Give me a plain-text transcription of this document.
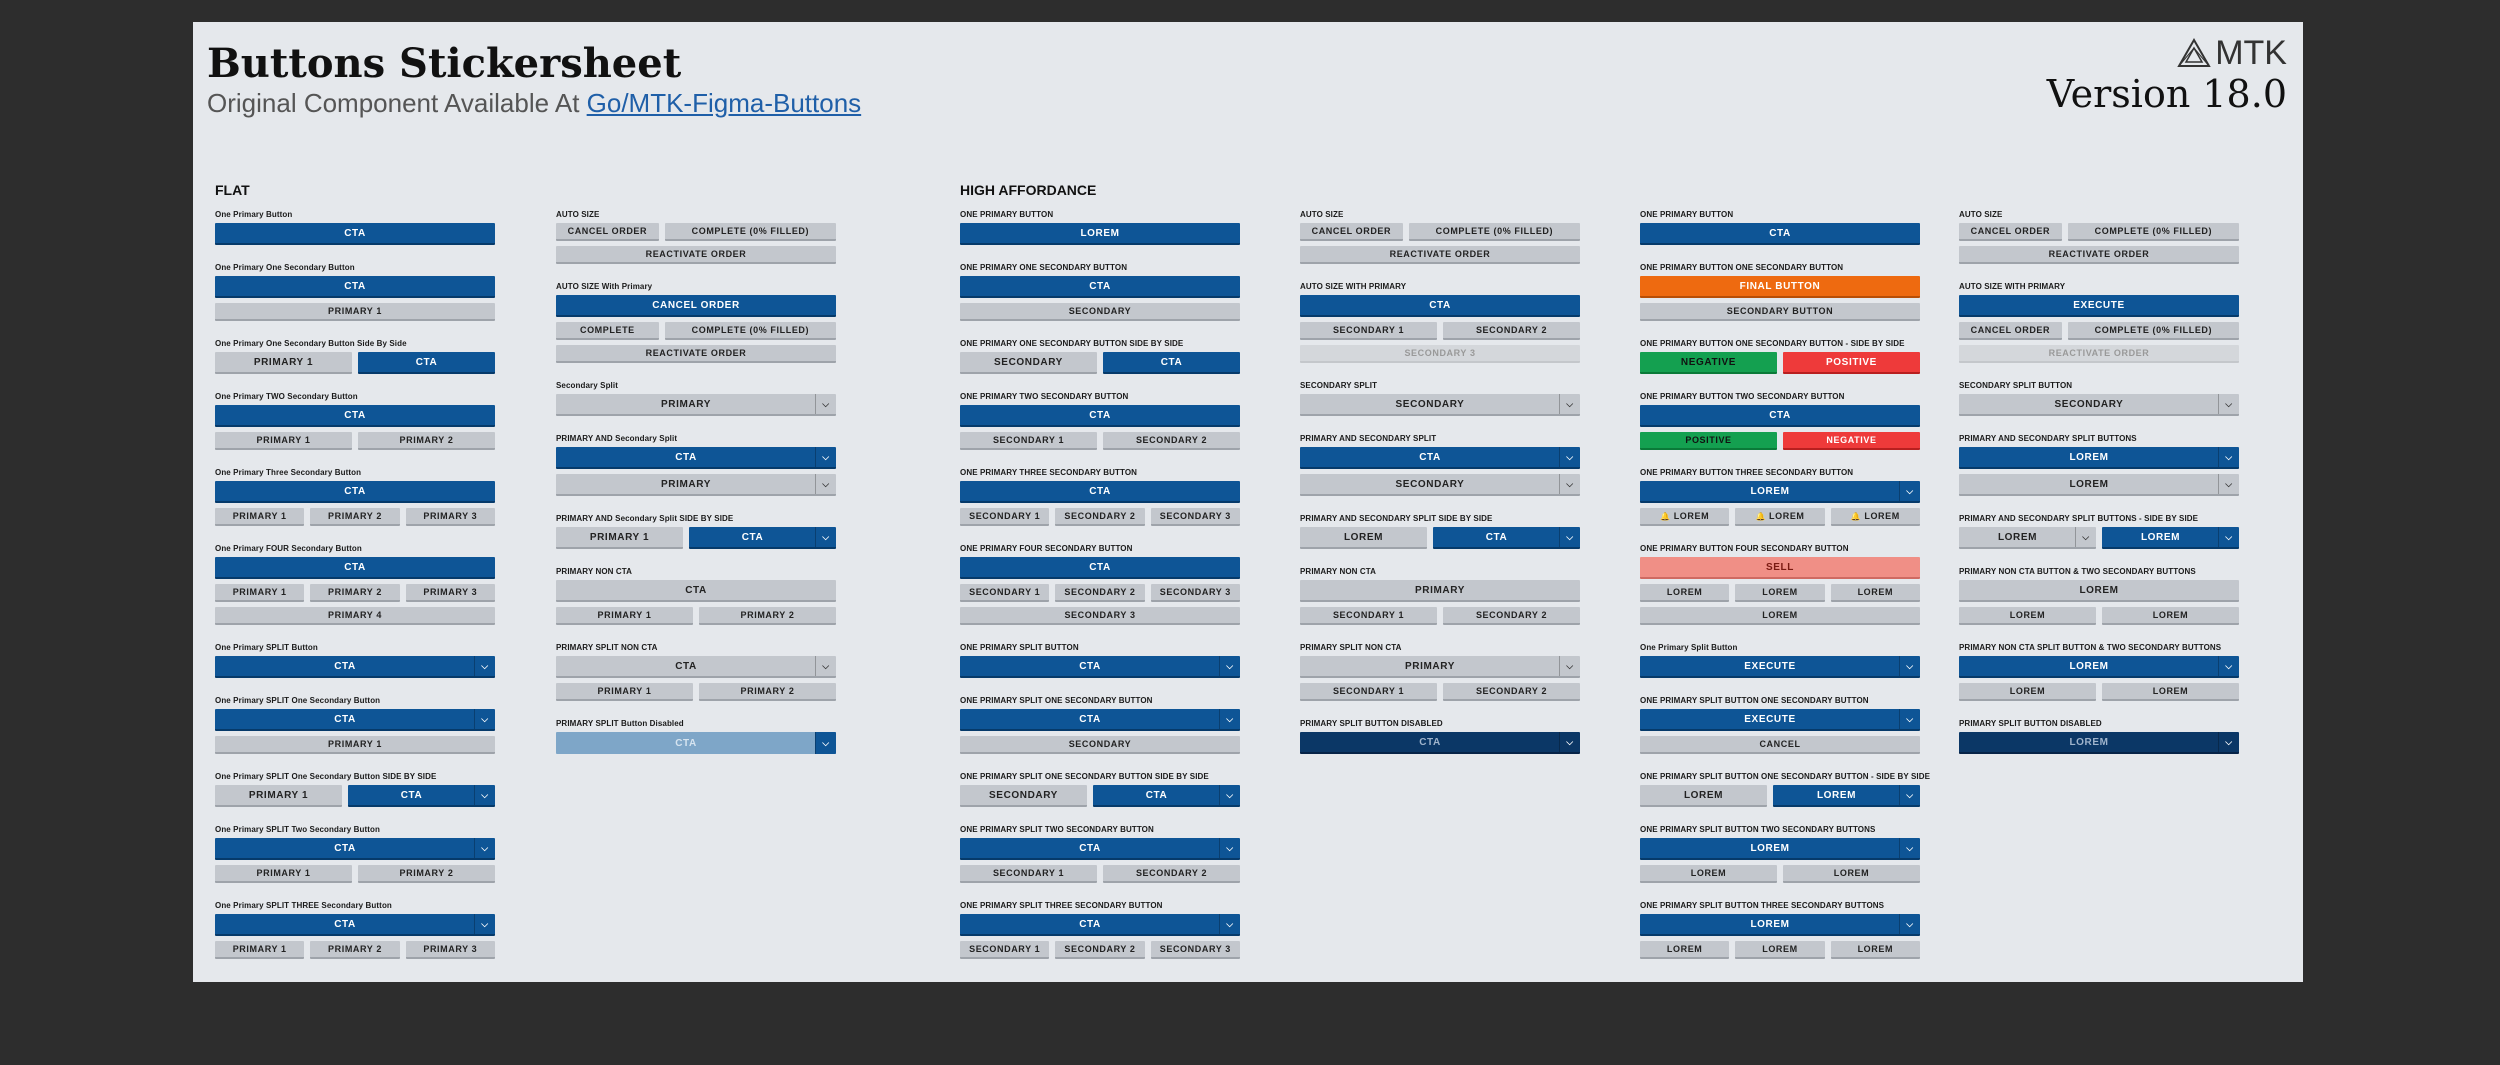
Buttons Stickersheet
Original Component Available At Go/MTK-Figma-Buttons
MTK
Version 18.0
FLAT	HIGH AFFORDANCE
One Primary Button
CTA
One Primary One Secondary Button
CTA
PRIMARY 1
One Primary One Secondary Button Side By Side
PRIMARY 1	CTA
One Primary TWO Secondary Button
CTA
PRIMARY 1	PRIMARY 2
One Primary Three Secondary Button
CTA
PRIMARY 1	PRIMARY 2	PRIMARY 3
One Primary FOUR Secondary Button
CTA
PRIMARY 1	PRIMARY 2	PRIMARY 3
PRIMARY 4
One Primary SPLIT Button
CTA	⌵
One Primary SPLIT One Secondary Button
CTA	⌵
PRIMARY 1
One Primary SPLIT One Secondary Button SIDE BY SIDE
PRIMARY 1	CTA	⌵
One Primary SPLIT Two Secondary Button
CTA	⌵
PRIMARY 1	PRIMARY 2
One Primary SPLIT THREE Secondary Button
CTA	⌵
PRIMARY 1	PRIMARY 2	PRIMARY 3
AUTO SIZE
CANCEL ORDER	COMPLETE (0% FILLED)
REACTIVATE ORDER
AUTO SIZE With Primary
CANCEL ORDER
COMPLETE	COMPLETE (0% FILLED)
REACTIVATE ORDER
Secondary Split
PRIMARY	⌵
PRIMARY AND Secondary Split
CTA	⌵
PRIMARY	⌵
PRIMARY AND Secondary Split SIDE BY SIDE
PRIMARY 1	CTA	⌵
PRIMARY NON CTA
CTA
PRIMARY 1	PRIMARY 2
PRIMARY SPLIT NON CTA
CTA	⌵
PRIMARY 1	PRIMARY 2
PRIMARY SPLIT Button Disabled
CTA	⌵
ONE PRIMARY BUTTON
LOREM
ONE PRIMARY ONE SECONDARY BUTTON
CTA
SECONDARY
ONE PRIMARY ONE SECONDARY BUTTON SIDE BY SIDE
SECONDARY	CTA
ONE PRIMARY TWO SECONDARY BUTTON
CTA
SECONDARY 1	SECONDARY 2
ONE PRIMARY THREE SECONDARY BUTTON
CTA
SECONDARY 1	SECONDARY 2	SECONDARY 3
ONE PRIMARY FOUR SECONDARY BUTTON
CTA
SECONDARY 1	SECONDARY 2	SECONDARY 3
SECONDARY 3
ONE PRIMARY SPLIT BUTTON
CTA	⌵
ONE PRIMARY SPLIT ONE SECONDARY BUTTON
CTA	⌵
SECONDARY
ONE PRIMARY SPLIT ONE SECONDARY BUTTON SIDE BY SIDE
SECONDARY	CTA	⌵
ONE PRIMARY SPLIT TWO SECONDARY BUTTON
CTA	⌵
SECONDARY 1	SECONDARY 2
ONE PRIMARY SPLIT THREE SECONDARY BUTTON
CTA	⌵
SECONDARY 1	SECONDARY 2	SECONDARY 3
AUTO SIZE
CANCEL ORDER	COMPLETE (0% FILLED)
REACTIVATE ORDER
AUTO SIZE WITH PRIMARY
CTA
SECONDARY 1	SECONDARY 2
SECONDARY 3
SECONDARY SPLIT
SECONDARY	⌵
PRIMARY AND SECONDARY SPLIT
CTA	⌵
SECONDARY	⌵
PRIMARY AND SECONDARY SPLIT SIDE BY SIDE
LOREM	CTA	⌵
PRIMARY NON CTA
PRIMARY
SECONDARY 1	SECONDARY 2
PRIMARY SPLIT NON CTA
PRIMARY	⌵
SECONDARY 1	SECONDARY 2
PRIMARY SPLIT BUTTON DISABLED
CTA	⌵
ONE PRIMARY BUTTON
CTA
ONE PRIMARY BUTTON ONE SECONDARY BUTTON
FINAL BUTTON
SECONDARY BUTTON
ONE PRIMARY BUTTON ONE SECONDARY BUTTON - SIDE BY SIDE
NEGATIVE	POSITIVE
ONE PRIMARY BUTTON TWO SECONDARY BUTTON
CTA
POSITIVE	NEGATIVE
ONE PRIMARY BUTTON THREE SECONDARY BUTTON
LOREM	⌵
🔔 LOREM	🔔 LOREM	🔔 LOREM
ONE PRIMARY BUTTON FOUR SECONDARY BUTTON
SELL
LOREM	LOREM	LOREM
LOREM
One Primary Split Button
EXECUTE	⌵
ONE PRIMARY SPLIT BUTTON ONE SECONDARY BUTTON
EXECUTE	⌵
CANCEL
ONE PRIMARY SPLIT BUTTON ONE SECONDARY BUTTON - SIDE BY SIDE
LOREM	LOREM	⌵
ONE PRIMARY SPLIT BUTTON TWO SECONDARY BUTTONS
LOREM	⌵
LOREM	LOREM
ONE PRIMARY SPLIT BUTTON THREE SECONDARY BUTTONS
LOREM	⌵
LOREM	LOREM	LOREM
AUTO SIZE
CANCEL ORDER	COMPLETE (0% FILLED)
REACTIVATE ORDER
AUTO SIZE WITH PRIMARY
EXECUTE
CANCEL ORDER	COMPLETE (0% FILLED)
REACTIVATE ORDER
SECONDARY SPLIT BUTTON
SECONDARY	⌵
PRIMARY AND SECONDARY SPLIT BUTTONS
LOREM	⌵
LOREM	⌵
PRIMARY AND SECONDARY SPLIT BUTTONS - SIDE BY SIDE
LOREM	⌵	LOREM	⌵
PRIMARY NON CTA BUTTON & TWO SECONDARY BUTTONS
LOREM
LOREM	LOREM
PRIMARY NON CTA SPLIT BUTTON & TWO SECONDARY BUTTONS
LOREM	⌵
LOREM	LOREM
PRIMARY SPLIT BUTTON DISABLED
LOREM	⌵
